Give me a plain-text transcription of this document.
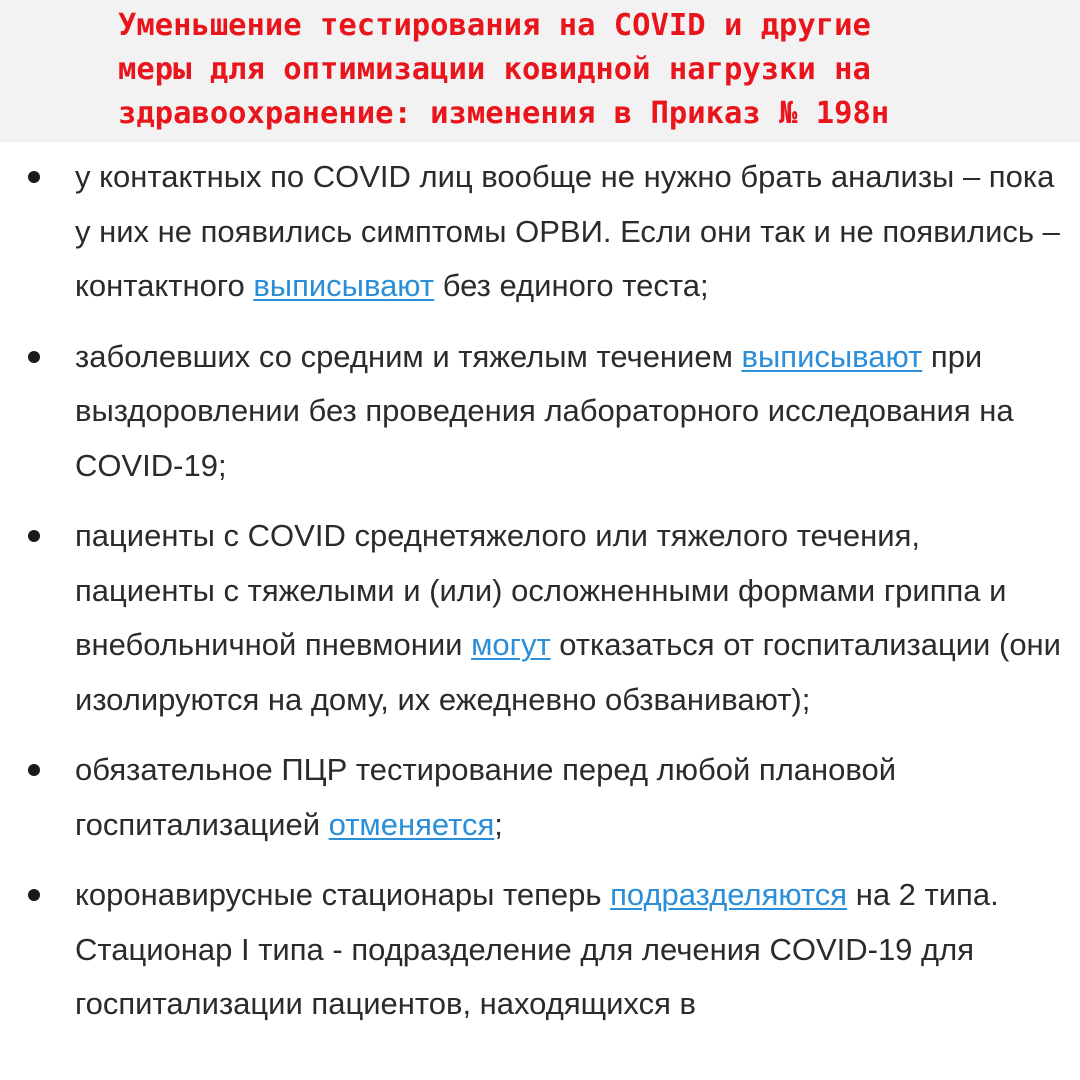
Уменьшение тестирования на COVID и другие
меры для оптимизации ковидной нагрузки на
здравоохранение: изменения в Приказ № 198н
у контактных по COVID лиц вообще не нужно брать анализы – пока у них не появились симптомы ОРВИ. Если они так и не появились – контактного выписывают без единого теста;
заболевших со средним и тяжелым течением выписывают при выздоровлении без проведения лабораторного исследования на COVID-19;
пациенты с COVID среднетяжелого или тяжелого течения, пациенты с тяжелыми и (или) осложненными формами гриппа и внебольничной пневмонии могут отказаться от госпитализации (они изолируются на дому, их ежедневно обзванивают);
обязательное ПЦР тестирование перед любой плановой госпитализацией отменяется;
коронавирусные стационары теперь подразделяются на 2 типа. Стационар I типа - подразделение для лечения COVID-19 для госпитализации пациентов, находящихся в
